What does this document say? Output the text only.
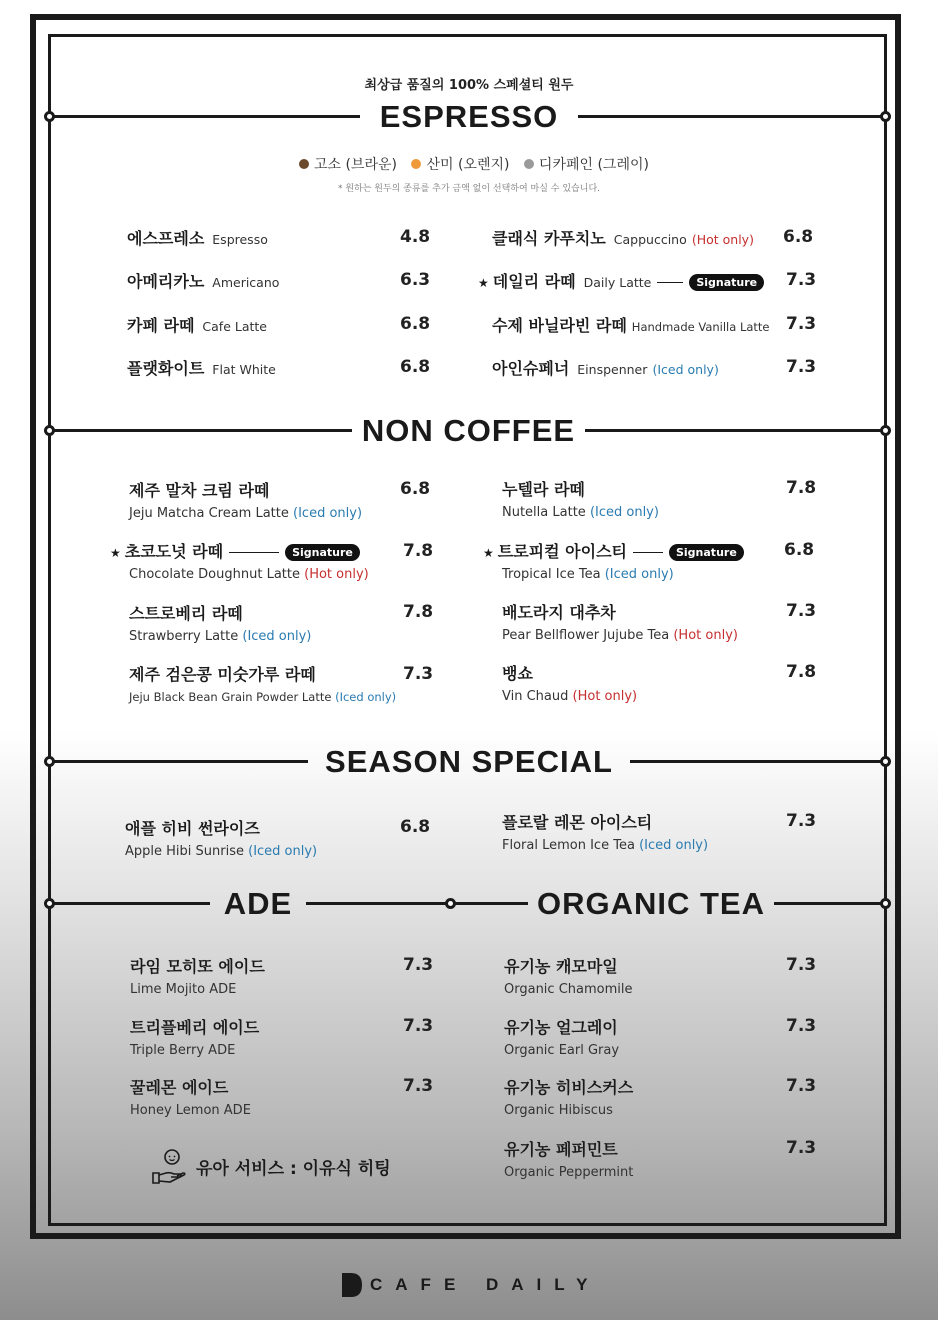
최상급 품질의 100% 스페셜티 원두
ESPRESSO
고소 (브라운) 산미 (오렌지) 디카페인 (그레이)
* 원하는 원두의 종류를 추가 금액 없이 선택하여 마실 수 있습니다.
에스프레소 Espresso	4.8
아메리카노 Americano	6.3
카페 라떼 Cafe Latte	6.8
플랫화이트 Flat White	6.8
클래식 카푸치노 Cappuccino (Hot only) 6.8
★ 데일리 라떼 Daily Latte	Signature	7.3
수제 바닐라빈 라떼 Handmade Vanilla Latte 7.3
아인슈페너 Einspenner (Iced only)	7.3
NON COFFEE
제주 말차 크림 라떼
Jeju Matcha Cream Latte (Iced only)
6.8
★ 초코도넛 라떼	Signature
Chocolate Doughnut Latte (Hot only)
7.8
스트로베리 라떼
Strawberry Latte (Iced only)
7.8
제주 검은콩 미숫가루 라떼
Jeju Black Bean Grain Powder Latte (Iced only)
7.3
누텔라 라떼
Nutella Latte (Iced only)
7.8
★ 트로피컬 아이스티	Signature
Tropical Ice Tea (Iced only)
6.8
배도라지 대추차
Pear Bellflower Jujube Tea (Hot only)
7.3
뱅쇼
Vin Chaud (Hot only)
7.8
SEASON SPECIAL
애플 히비 썬라이즈
Apple Hibi Sunrise (Iced only)
6.8	플로랄 레몬 아이스티
Floral Lemon Ice Tea (Iced only)
7.3
ADE	ORGANIC TEA
라임 모히또 에이드
Lime Mojito ADE
7.3
트리플베리 에이드
Triple Berry ADE
7.3
꿀레몬 에이드
Honey Lemon ADE
7.3
유기농 캐모마일
Organic Chamomile
7.3
유기농 얼그레이
Organic Earl Gray
7.3
유기농 히비스커스
Organic Hibiscus
7.3
유기농 페퍼민트
Organic Peppermint
7.3
유아 서비스 : 이유식 히팅
CAFE DAILY
